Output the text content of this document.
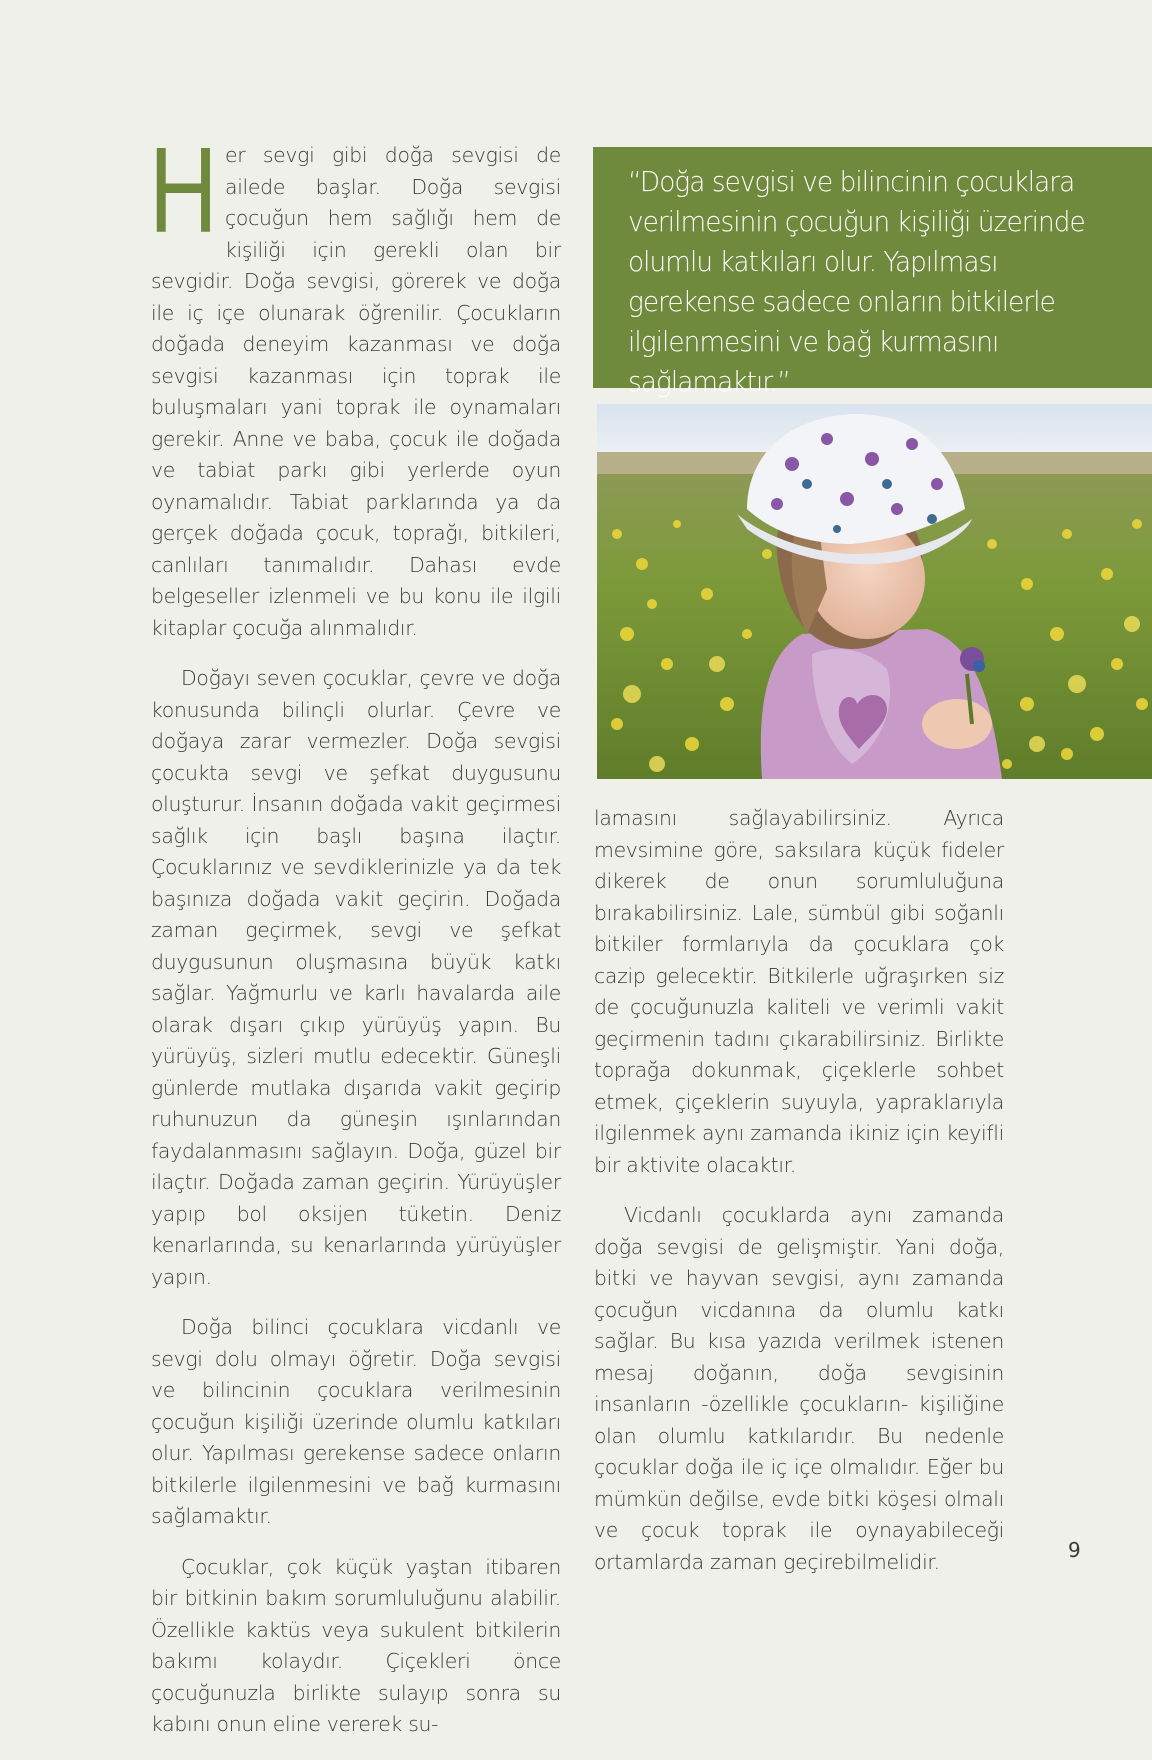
Her sevgi gibi doğa sevgisi de ailede başlar. Doğa sevgisi çocuğun hem sağlığı hem de kişiliği için gerekli olan bir sevgidir. Doğa sevgisi, görerek ve doğa ile iç içe olunarak öğrenilir. Çocukların doğada deneyim kazanması ve doğa sevgisi kazanması için toprak ile buluşmaları yani toprak ile oynamaları gerekir. Anne ve baba, çocuk ile doğada ve tabiat parkı gibi yerlerde oyun oynamalıdır. Tabiat parklarında ya da gerçek doğada çocuk, toprağı, bitkileri, canlıları tanımalıdır. Dahası evde belgeseller izlenmeli ve bu konu ile ilgili kitaplar çocuğa alınmalıdır.

Doğayı seven çocuklar, çevre ve doğa konusunda bilinçli olurlar. Çevre ve doğaya zarar vermezler. Doğa sevgisi çocukta sevgi ve şefkat duygusunu oluşturur. İnsanın doğada vakit geçirmesi sağlık için başlı başına ilaçtır. Çocuklarınız ve sevdiklerinizle ya da tek başınıza doğada vakit geçirin. Doğada zaman geçirmek, sevgi ve şefkat duygusunun oluşmasına büyük katkı sağlar. Yağmurlu ve karlı havalarda aile olarak dışarı çıkıp yürüyüş yapın. Bu yürüyüş, sizleri mutlu edecektir. Güneşli günlerde mutlaka dışarıda vakit geçirip ruhunuzun da güneşin ışınlarından faydalanmasını sağlayın. Doğa, güzel bir ilaçtır. Doğada zaman geçirin. Yürüyüşler yapıp bol oksijen tüketin. Deniz kenarlarında, su kenarlarında yürüyüşler yapın.

Doğa bilinci çocuklara vicdanlı ve sevgi dolu olmayı öğretir. Doğa sevgisi ve bilincinin çocuklara verilmesinin çocuğun kişiliği üzerinde olumlu katkıları olur. Yapılması gerekense sadece onların bitkilerle ilgilenmesini ve bağ kurmasını sağlamaktır.

Çocuklar, çok küçük yaştan itibaren bir bitkinin bakım sorumluluğunu alabilir. Özellikle kaktüs veya sukulent bitkilerin bakımı kolaydır. Çiçekleri önce çocuğunuzla birlikte sulayıp sonra su kabını onun eline vererek su-

“Doğa sevgisi ve bilincinin çocuklara verilmesinin çocuğun kişiliği üzerinde olumlu katkıları olur. Yapılması gerekense sadece onların bitkilerle ilgilenmesini ve bağ kurmasını sağlamaktır.”

lamasını sağlayabilirsiniz. Ayrıca mevsimine göre, saksılara küçük fideler dikerek de onun sorumluluğuna bırakabilirsiniz. Lale, sümbül gibi soğanlı bitkiler formlarıyla da çocuklara çok cazip gelecektir. Bitkilerle uğraşırken siz de çocuğunuzla kaliteli ve verimli vakit geçirmenin tadını çıkarabilirsiniz. Birlikte toprağa dokunmak, çiçeklerle sohbet etmek, çiçeklerin suyuyla, yapraklarıyla ilgilenmek aynı zamanda ikiniz için keyifli bir aktivite olacaktır.

Vicdanlı çocuklarda aynı zamanda doğa sevgisi de gelişmiştir. Yani doğa, bitki ve hayvan sevgisi, aynı zamanda çocuğun vicdanına da olumlu katkı sağlar. Bu kısa yazıda verilmek istenen mesaj doğanın, doğa sevgisinin insanların -özellikle çocukların- kişiliğine olan olumlu katkılarıdır. Bu nedenle çocuklar doğa ile iç içe olmalıdır. Eğer bu mümkün değilse, evde bitki köşesi olmalı ve çocuk toprak ile oynayabileceği ortamlarda zaman geçirebilmelidir.	9
